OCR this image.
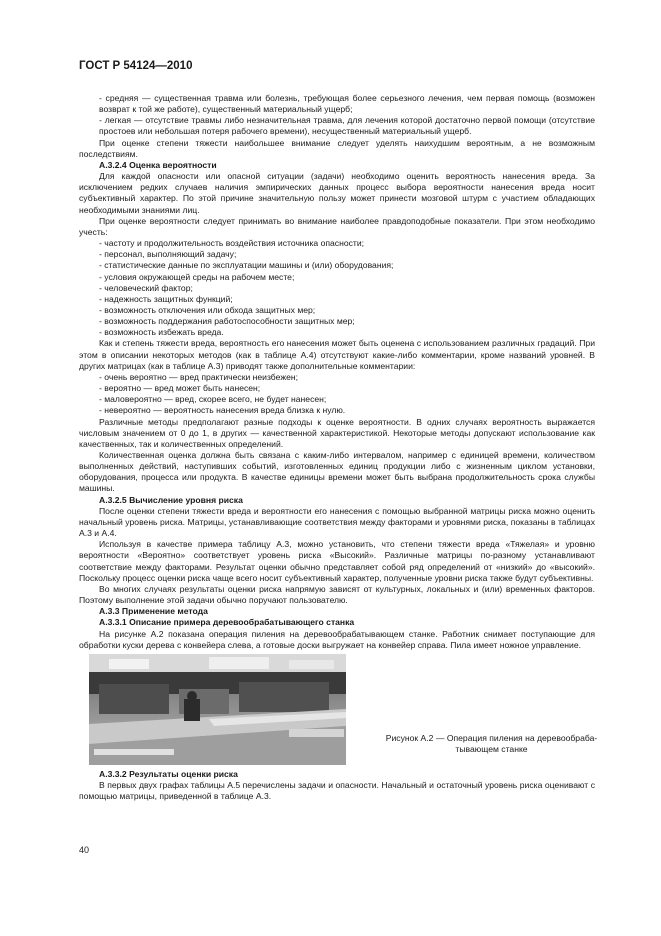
ГОСТ Р 54124—2010

- средняя — существенная травма или болезнь, требующая более серьезного лечения, чем первая помощь (возможен возврат к той же работе), существенный материальный ущерб;

- легкая — отсутствие травмы либо незначительная травма, для лечения которой достаточно первой помощи (отсутствие простоев или небольшая потеря рабочего времени), несущественный материальный ущерб.

При оценке степени тяжести наибольшее внимание следует уделять наихудшим вероятным, а не возможным последствиям.

А.3.2.4 Оценка вероятности

Для каждой опасности или опасной ситуации (задачи) необходимо оценить вероятность нанесения вреда. За исключением редких случаев наличия эмпирических данных процесс выбора вероятности нанесения вреда носит субъективный характер. По этой причине значительную пользу может принести мозговой штурм с участием обладающих необходимыми знаниями лиц.

При оценке вероятности следует принимать во внимание наиболее правдоподобные показатели. При этом необходимо учесть:

- частоту и продолжительность воздействия источника опасности;

- персонал, выполняющий задачу;

- статистические данные по эксплуатации машины и (или) оборудования;

- условия окружающей среды на рабочем месте;

- человеческий фактор;

- надежность защитных функций;

- возможность отключения или обхода защитных мер;

- возможность поддержания работоспособности защитных мер;

- возможность избежать вреда.

Как и степень тяжести вреда, вероятность его нанесения может быть оценена с использованием различных градаций. При этом в описании некоторых методов (как в таблице А.4) отсутствуют какие-либо комментарии, кроме названий уровней. В других матрицах (как в таблице А.3) приводят также дополнительные комментарии:

- очень вероятно — вред практически неизбежен;

- вероятно — вред может быть нанесен;

- маловероятно — вред, скорее всего, не будет нанесен;

- невероятно — вероятность нанесения вреда близка к нулю.

Различные методы предполагают разные подходы к оценке вероятности. В одних случаях вероятность выражается числовым значением от 0 до 1, в других — качественной характеристикой. Некоторые методы допускают использование как качественных, так и количественных определений.

Количественная оценка должна быть связана с каким-либо интервалом, например с единицей времени, количеством выполненных действий, наступивших событий, изготовленных единиц продукции либо с жизненным циклом установки, оборудования, процесса или продукта. В качестве единицы времени может быть выбрана продолжительность срока службы машины.

А.3.2.5 Вычисление уровня риска

После оценки степени тяжести вреда и вероятности его нанесения с помощью выбранной матрицы риска можно оценить начальный уровень риска. Матрицы, устанавливающие соответствия между факторами и уровнями риска, показаны в таблицах А.3 и А.4.

Используя в качестве примера таблицу А.3, можно установить, что степени тяжести вреда «Тяжелая» и уровню вероятности «Вероятно» соответствует уровень риска «Высокий». Различные матрицы по-разному устанавливают соответствие между факторами. Результат оценки обычно представляет собой ряд определений от «низкий» до «высокий». Поскольку процесс оценки риска чаще всего носит субъективный характер, полученные уровни риска также будут субъективны.

Во многих случаях результаты оценки риска напрямую зависят от культурных, локальных и (или) временных факторов. Поэтому выполнение этой задачи обычно поручают пользователю.

А.3.3 Применение метода

А.3.3.1 Описание примера деревообрабатывающего станка

На рисунке А.2 показана операция пиления на деревообрабатывающем станке. Работник снимает поступающие для обработки куски дерева с конвейера слева, а готовые доски выгружает на конвейер справа. Пила имеет ножное управление.

Рисунок А.2 — Операция пиления на деревообраба-
тывающем станке

А.3.3.2 Результаты оценки риска

В первых двух графах таблицы А.5 перечислены задачи и опасности. Начальный и остаточный уровень риска оценивают с помощью матрицы, приведенной в таблице А.3.

40
